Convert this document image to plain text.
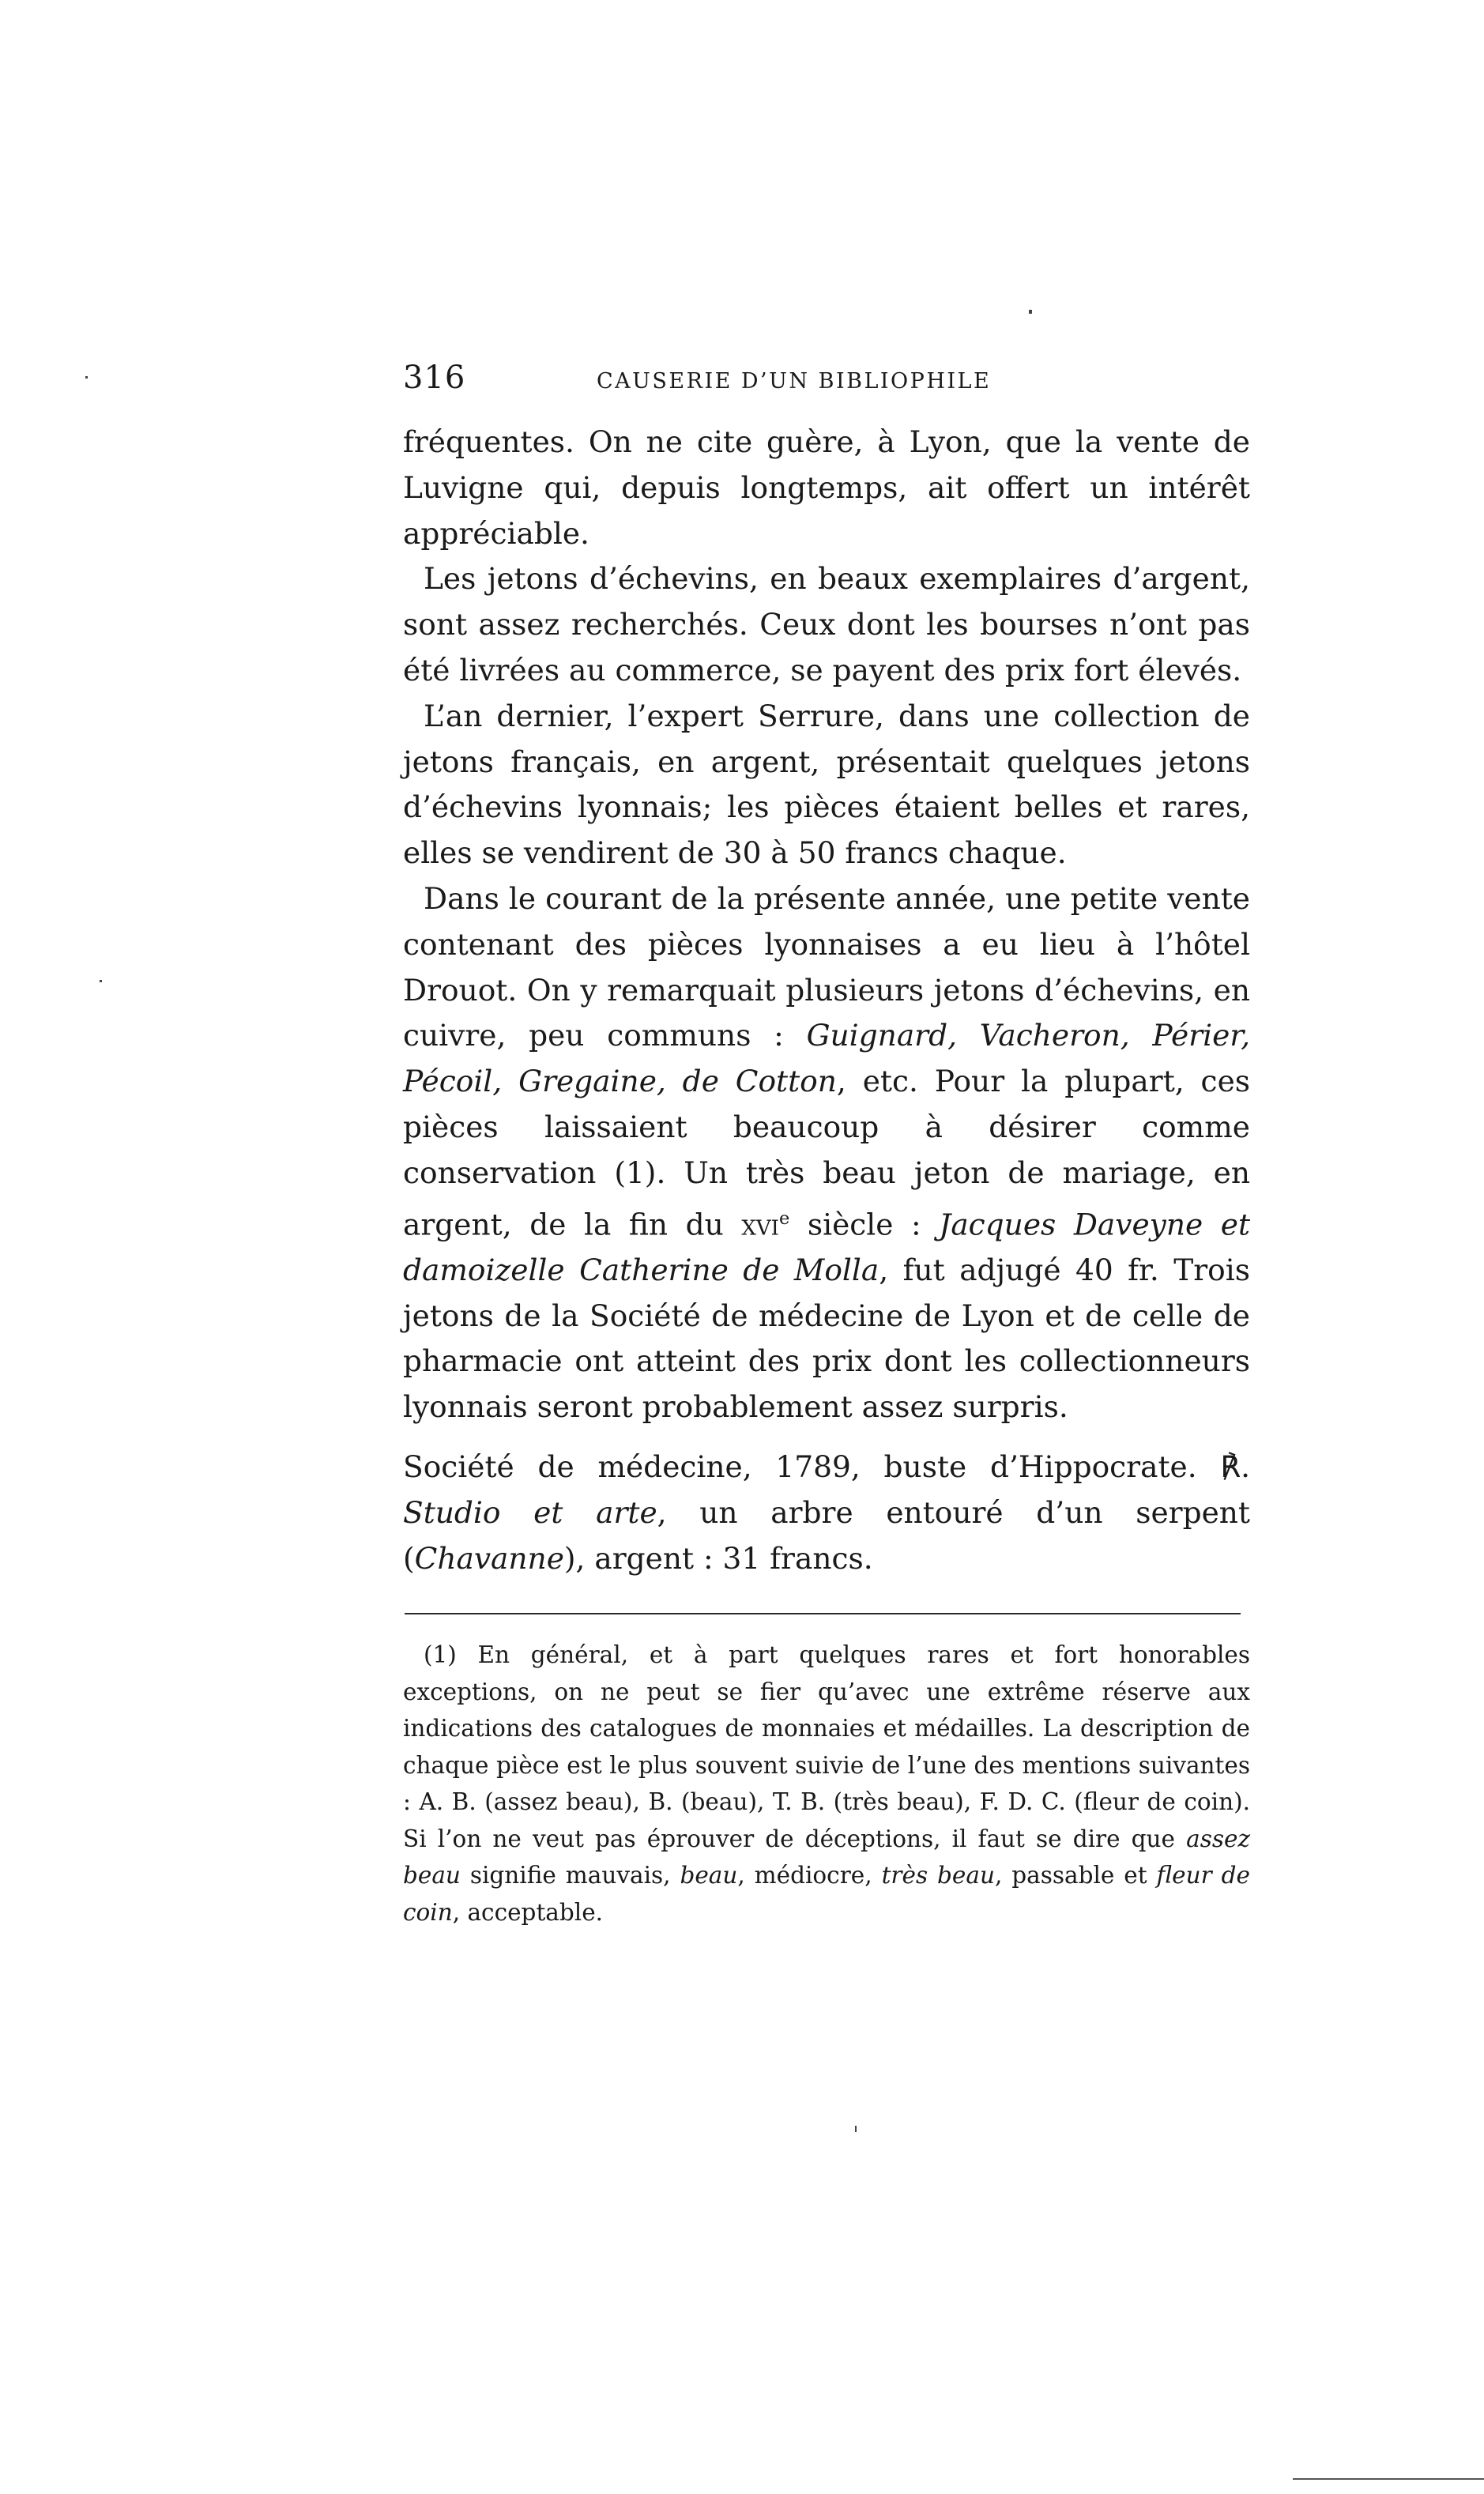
316	CAUSERIE D’UN BIBLIOPHILE

fréquentes. On ne cite guère, à Lyon, que la vente de Luvigne qui, depuis longtemps, ait offert un intérêt appréciable.

Les jetons d’échevins, en beaux exemplaires d’argent, sont assez recherchés. Ceux dont les bourses n’ont pas été livrées au commerce, se payent des prix fort élevés.

L’an dernier, l’expert Serrure, dans une collection de jetons français, en argent, présentait quelques jetons d’échevins lyonnais; les pièces étaient belles et rares, elles se vendirent de 30 à 50 francs chaque.

Dans le courant de la présente année, une petite vente contenant des pièces lyonnaises a eu lieu à l’hôtel Drouot. On y remarquait plusieurs jetons d’échevins, en cuivre, peu communs : Guignard, Vacheron, Périer, Pécoil, Gregaine, de Cotton, etc. Pour la plupart, ces pièces laissaient beaucoup à désirer comme conservation (1). Un très beau jeton de mariage, en argent, de la fin du xvi$^e$ siècle : Jacques Daveyne et damoizelle Catherine de Molla, fut adjugé 40 fr. Trois jetons de la Société de médecine de Lyon et de celle de pharmacie ont atteint des prix dont les collectionneurs lyonnais seront probablement assez surpris.

Société de médecine, 1789, buste d’Hippocrate. ℟. Studio et arte, un arbre entouré d’un serpent (Chavanne), argent : 31 francs.

(1) En général, et à part quelques rares et fort honorables exceptions, on ne peut se fier qu’avec une extrême réserve aux indications des catalogues de monnaies et médailles. La description de chaque pièce est le plus souvent suivie de l’une des mentions suivantes : A. B. (assez beau), B. (beau), T. B. (très beau), F. D. C. (fleur de coin). Si l’on ne veut pas éprouver de déceptions, il faut se dire que assez beau signifie mauvais, beau, médiocre, très beau, passable et fleur de coin, acceptable.
